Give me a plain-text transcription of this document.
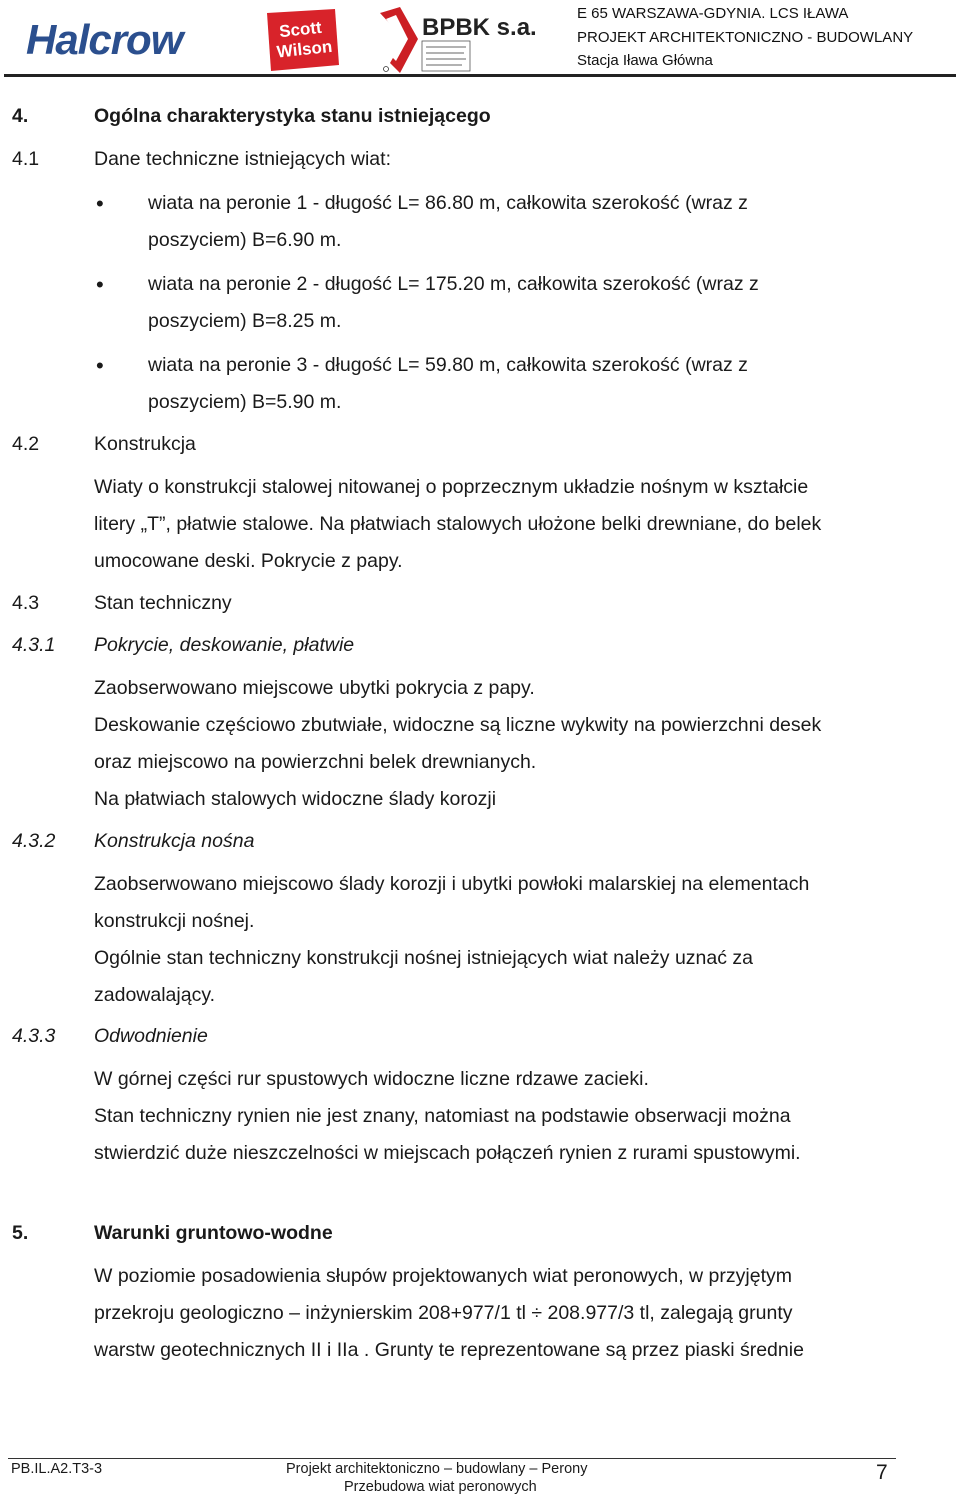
Halcrow	ScottWilson
BPBK s.a.
E 65 WARSZAWA-GDYNIA. LCS IŁAWA
PROJEKT ARCHITEKTONICZNO - BUDOWLANY
Stacja Iława Główna
4.	Ogólna charakterystyka stanu istniejącego
4.1	Dane techniczne istniejących wiat:
• wiata na peronie 1 - długość L= 86.80 m, całkowita szerokość (wraz z
poszyciem) B=6.90 m.
• wiata na peronie 2 - długość L= 175.20 m, całkowita szerokość (wraz z
poszyciem) B=8.25 m.
• wiata na peronie 3 - długość L= 59.80 m, całkowita szerokość (wraz z
poszyciem) B=5.90 m.
4.2	Konstrukcja
Wiaty o konstrukcji stalowej nitowanej o poprzecznym układzie nośnym w kształcie
litery „T”, płatwie stalowe. Na płatwiach stalowych ułożone belki drewniane, do belek
umocowane deski. Pokrycie z papy.
4.3	Stan techniczny
4.3.1 Pokrycie, deskowanie, płatwie
Zaobserwowano miejscowe ubytki pokrycia z papy.
Deskowanie częściowo zbutwiałe, widoczne są liczne wykwity na powierzchni desek
oraz miejscowo na powierzchni belek drewnianych.
Na płatwiach stalowych widoczne ślady korozji
4.3.2 Konstrukcja nośna
Zaobserwowano miejscowo ślady korozji i ubytki powłoki malarskiej na elementach
konstrukcji nośnej.
Ogólnie stan techniczny konstrukcji nośnej istniejących wiat należy uznać za
zadowalający.
4.3.3 Odwodnienie
W górnej części rur spustowych widoczne liczne rdzawe zacieki.
Stan techniczny rynien nie jest znany, natomiast na podstawie obserwacji można
stwierdzić duże nieszczelności w miejscach połączeń rynien z rurami spustowymi.
5.	Warunki gruntowo-wodne
W poziomie posadowienia słupów projektowanych wiat peronowych, w przyjętym
przekroju geologiczno – inżynierskim 208+977/1 tl ÷ 208.977/3 tl, zalegają grunty
warstw geotechnicznych II i IIa . Grunty te reprezentowane są przez piaski średnie
PB.IL.A2.T3-3	Projekt architektoniczno – budowlany – Perony
Przebudowa wiat peronowych
7
